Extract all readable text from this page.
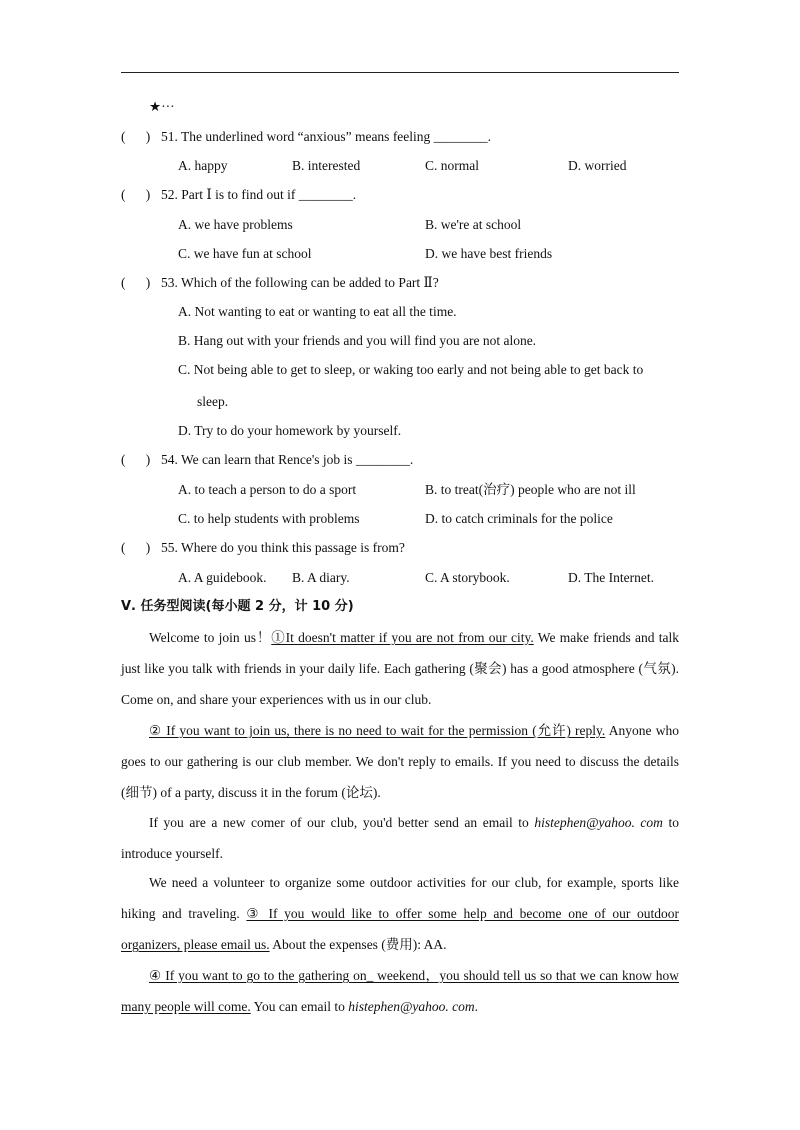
★···
( ) 51. The underlined word “anxious” means feeling ________.
A. happy	B. interested	C. normal	D. worried
( ) 52. Part Ⅰ is to find out if ________.
A. we have problems	B. we're at school
C. we have fun at school	D. we have best friends
( ) 53. Which of the following can be added to Part Ⅱ?
A. Not wanting to eat or wanting to eat all the time.
B. Hang out with your friends and you will find you are not alone.
C. Not being able to get to sleep, or waking too early and not being able to get back to
sleep.
D. Try to do your homework by yourself.
( ) 54. We can learn that Rence's job is ________.
A. to teach a person to do a sport	B. to treat(治疗) people who are not ill
C. to help students with problems	D. to catch criminals for the police
( ) 55. Where do you think this passage is from?
A. A guidebook. B. A diary.	C. A storybook.	D. The Internet.
Ⅴ. 任务型阅读(每小题 2 分，计 10 分)
Welcome to join us！①It doesn't matter if you are not from our city. We make friends and talk just like you talk with friends in your daily life. Each gathering (聚会) has a good atmosphere (气氛). Come on, and share your experiences with us in our club.
② If you want to join us, there is no need to wait for the permission (允许) reply. Anyone who goes to our gathering is our club member. We don't reply to emails. If you need to discuss the details (细节) of a party, discuss it in the forum (论坛).
If you are a new comer of our club, you'd better send an email to histephen@yahoo. com to introduce yourself.
We need a volunteer to organize some outdoor activities for our club, for example, sports like hiking and traveling. ③ If you would like to offer some help and become one of our outdoor organizers, please email us. About the expenses (费用): AA.
④ If you want to go to the gathering on_ weekend，you should tell us so that we can know how many people will come. You can email to histephen@yahoo. com.
